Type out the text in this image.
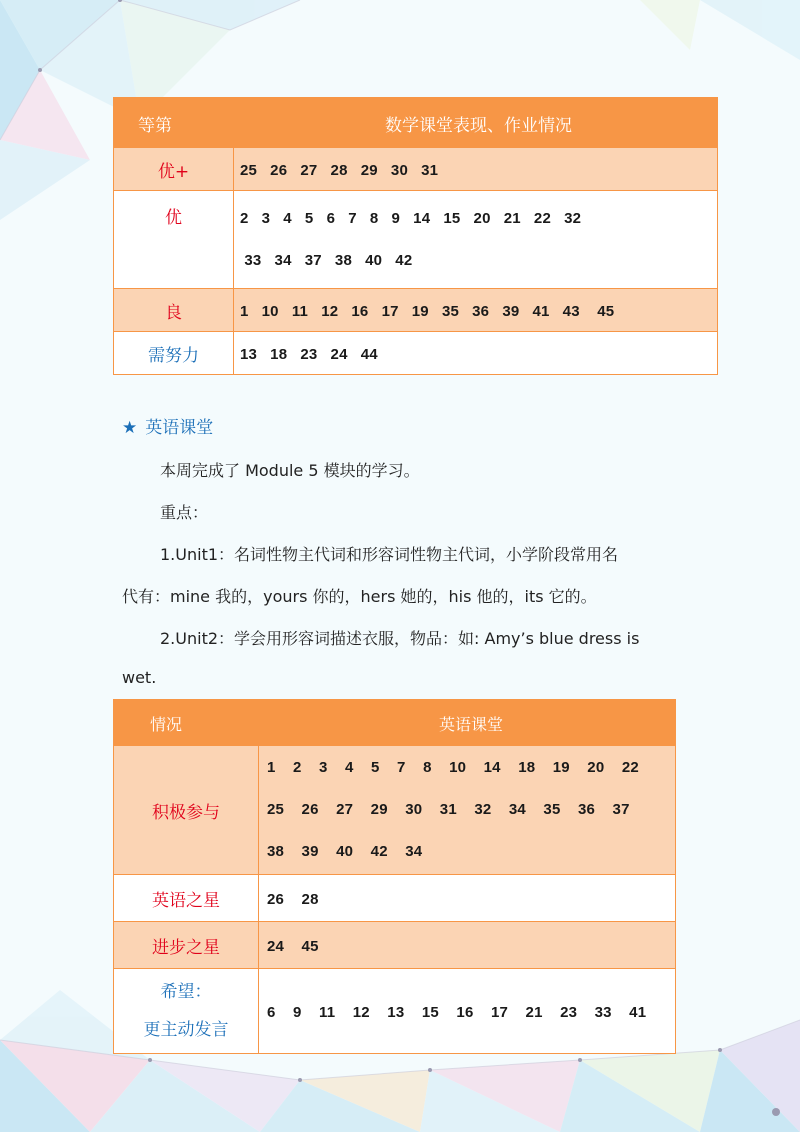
等第	数学课堂表现、作业情况
优+	25   26   27   28   29   30   31
优	2   3   4   5   6   7   8   9   14   15   20   21   22   32
33   34   37   38   40   42

良	1   10   11   12   16   17   19   35   36   39   41   43    45
需努力	13   18   23   24   44
★ 英语课堂
本周完成了 Module 5 模块的学习。
重点：
1.Unit1：名词性物主代词和形容词性物主代词，小学阶段常用名
代有：mine 我的，yours 你的，hers 她的，his 他的，its 它的。
2.Unit2：学会用形容词描述衣服，物品：如: Amy’s blue dress is
wet.
情况	英语课堂
积极参与	1    2    3    4    5    7    8    10    14    18    19    20    22
25    26    27    29    30    31    32    34    35    36    37
38    39    40    42    34

英语之星	26    28
进步之星	24    45

希望：
更主动发言	6    9    11    12    13    15    16    17    21    23    33    41
